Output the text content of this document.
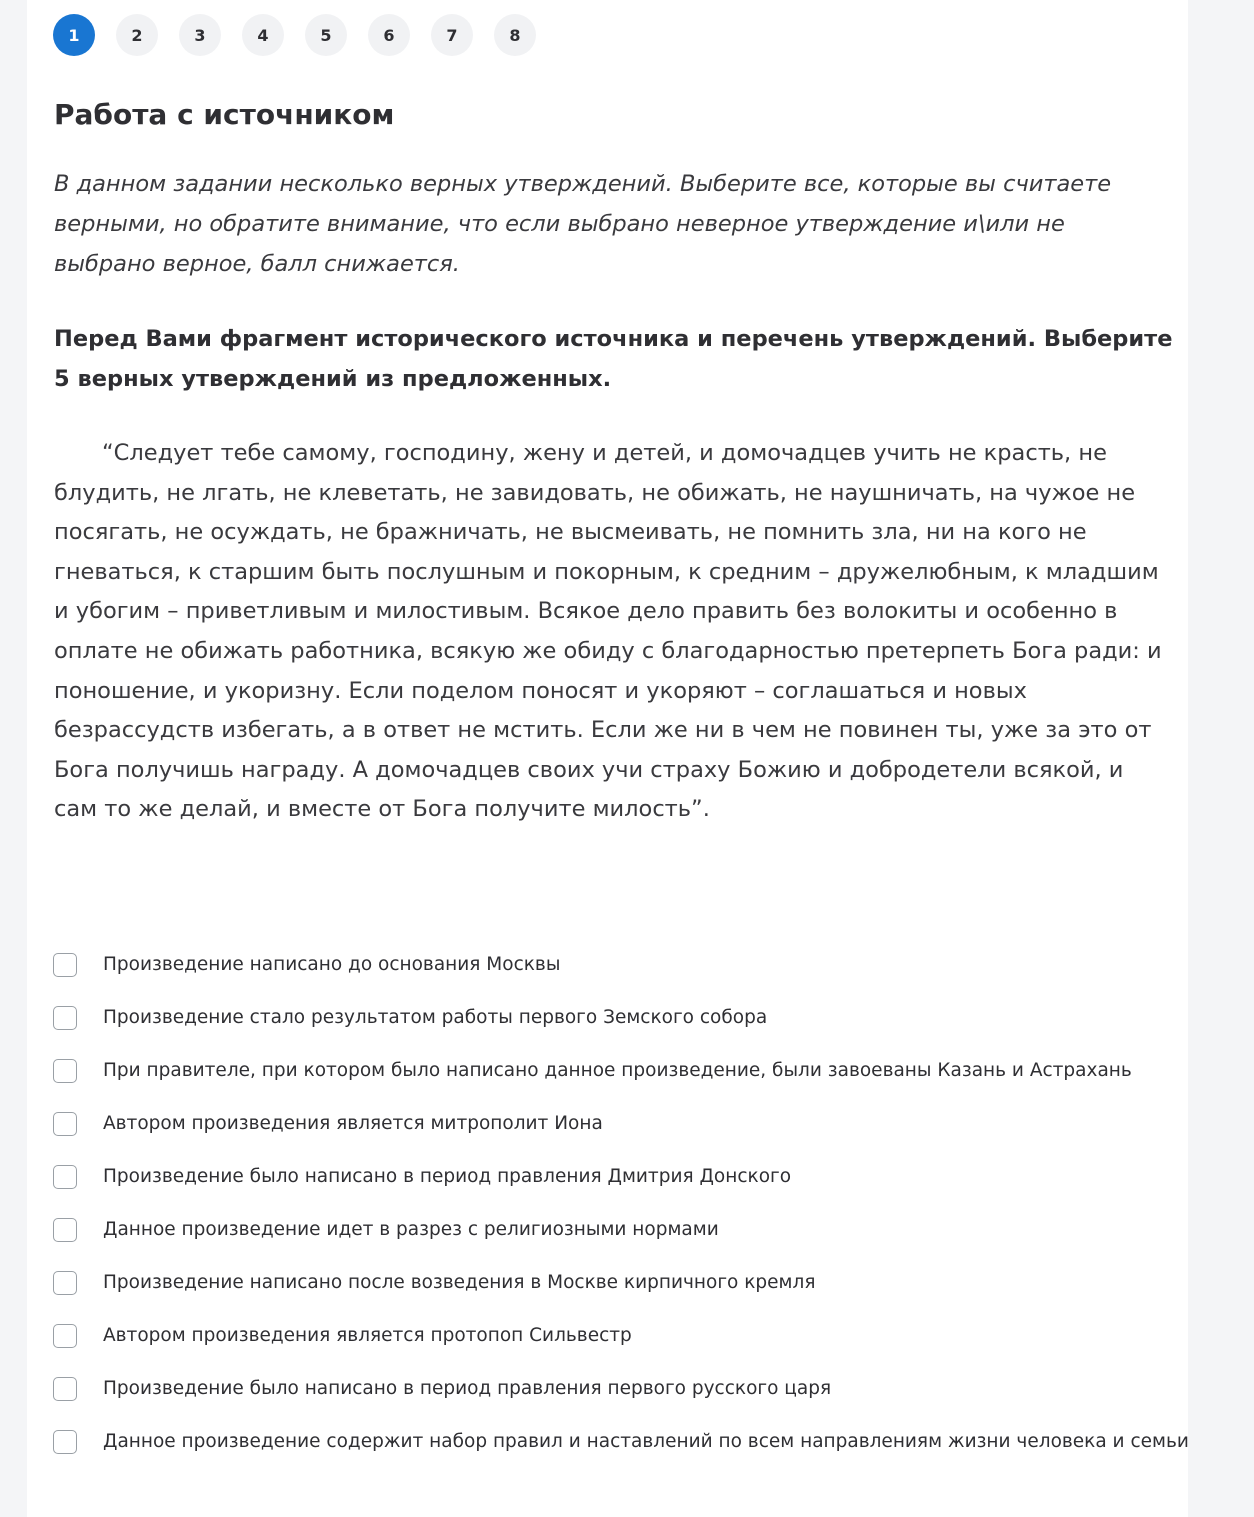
1	2	3	4	5	6	7	8
Работа с источником

В данном задании несколько верных утверждений. Выберите все, которые вы считаете верными, но обратите внимание, что если выбрано неверное утверждение и\или не выбрано верное, балл снижается.

Перед Вами фрагмент исторического источника и перечень утверждений. Выберите 5 верных утверждений из предложенных.

“Следует тебе самому, господину, жену и детей, и домочадцев учить не красть, не блудить, не лгать, не клеветать, не завидовать, не обижать, не наушничать, на чужое не посягать, не осуждать, не бражничать, не высмеивать, не помнить зла, ни на кого не гневаться, к старшим быть послушным и покорным, к средним – дружелюбным, к младшим и убогим – приветливым и милостивым. Всякое дело править без волокиты и особенно в оплате не обижать работника, всякую же обиду с благодарностью претерпеть Бога ради: и поношение, и укоризну. Если поделом поносят и укоряют – соглашаться и новых безрассудств избегать, а в ответ не мстить. Если же ни в чем не повинен ты, уже за это от Бога получишь награду. А домочадцев своих учи страху Божию и добродетели всякой, и сам то же делай, и вместе от Бога получите милость”.

Произведение написано до основания Москвы
Произведение стало результатом работы первого Земского собора
При правителе, при котором было написано данное произведение, были завоеваны Казань и Астрахань
Автором произведения является митрополит Иона
Произведение было написано в период правления Дмитрия Донского
Данное произведение идет в разрез с религиозными нормами
Произведение написано после возведения в Москве кирпичного кремля
Автором произведения является протопоп Сильвестр
Произведение было написано в период правления первого русского царя
Данное произведение содержит набор правил и наставлений по всем направлениям жизни человека и семьи
